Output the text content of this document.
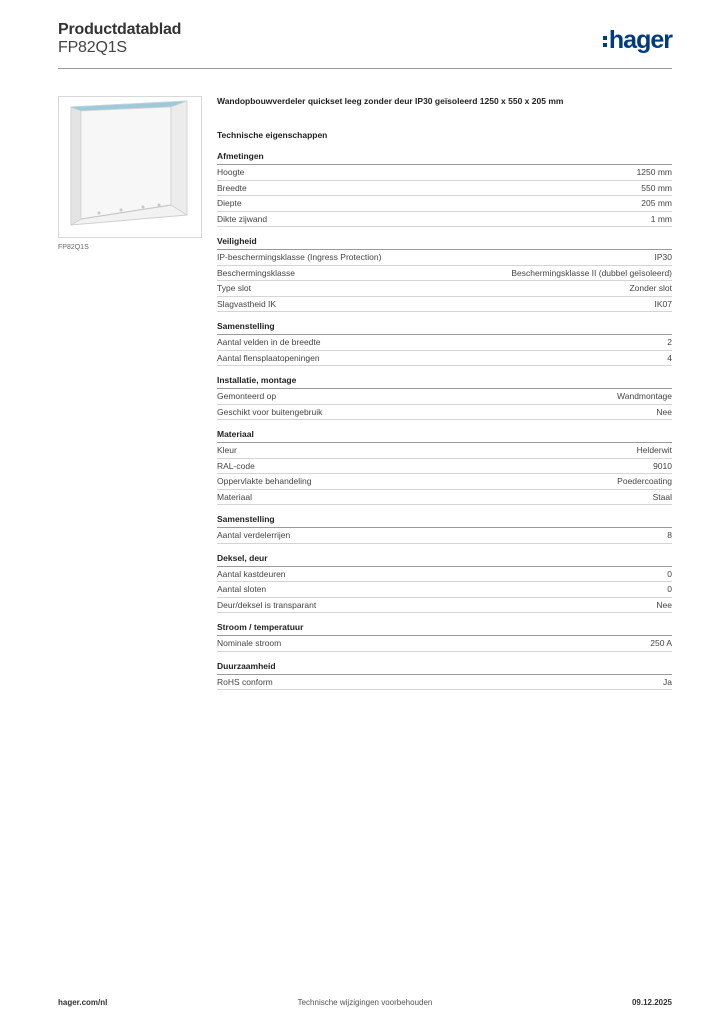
Productdatablad
FP82Q1S	hager
FP82Q1S
Wandopbouwverdeler quickset leeg zonder deur IP30 geïsoleerd 1250 x 550 x 205 mm
Technische eigenschappen
Afmetingen
Hoogte	1250 mm
Breedte	550 mm
Diepte	205 mm
Dikte zijwand	1 mm
Veiligheid
IP-beschermingsklasse (Ingress Protection)	IP30
Beschermingsklasse	Beschermingsklasse II (dubbel geïsoleerd)
Type slot	Zonder slot
Slagvastheid IK	IK07
Samenstelling
Aantal velden in de breedte	2
Aantal flensplaatopeningen	4
Installatie, montage
Gemonteerd op	Wandmontage
Geschikt voor buitengebruik	Nee
Materiaal
Kleur	Helderwit
RAL-code	9010
Oppervlakte behandeling	Poedercoating
Materiaal	Staal
Samenstelling
Aantal verdelerrijen	8
Deksel, deur
Aantal kastdeuren	0
Aantal sloten	0
Deur/deksel is transparant	Nee
Stroom / temperatuur
Nominale stroom	250 A
Duurzaamheid
RoHS conform	Ja
hager.com/nl	Technische wijzigingen voorbehouden	09.12.2025
